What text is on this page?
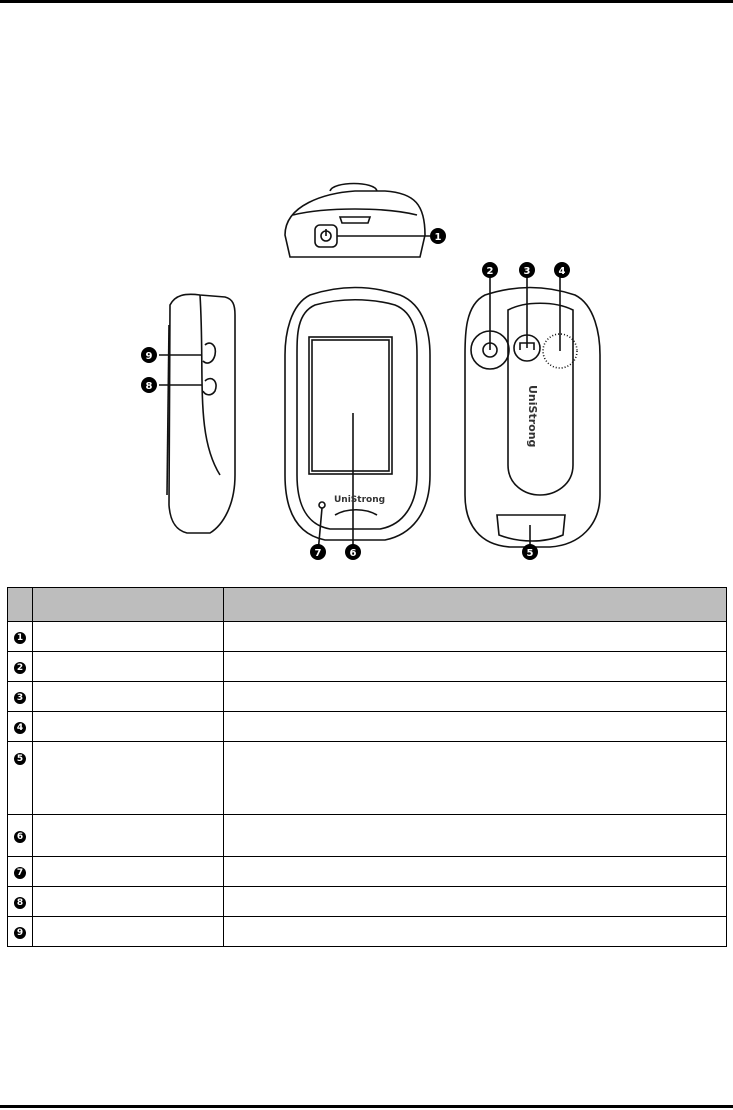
UniStrong
UniStrong
1
2	3	4
5
6
7
8
9

1		
2		
3		
4		
5		
6		
7		
8		
9		
